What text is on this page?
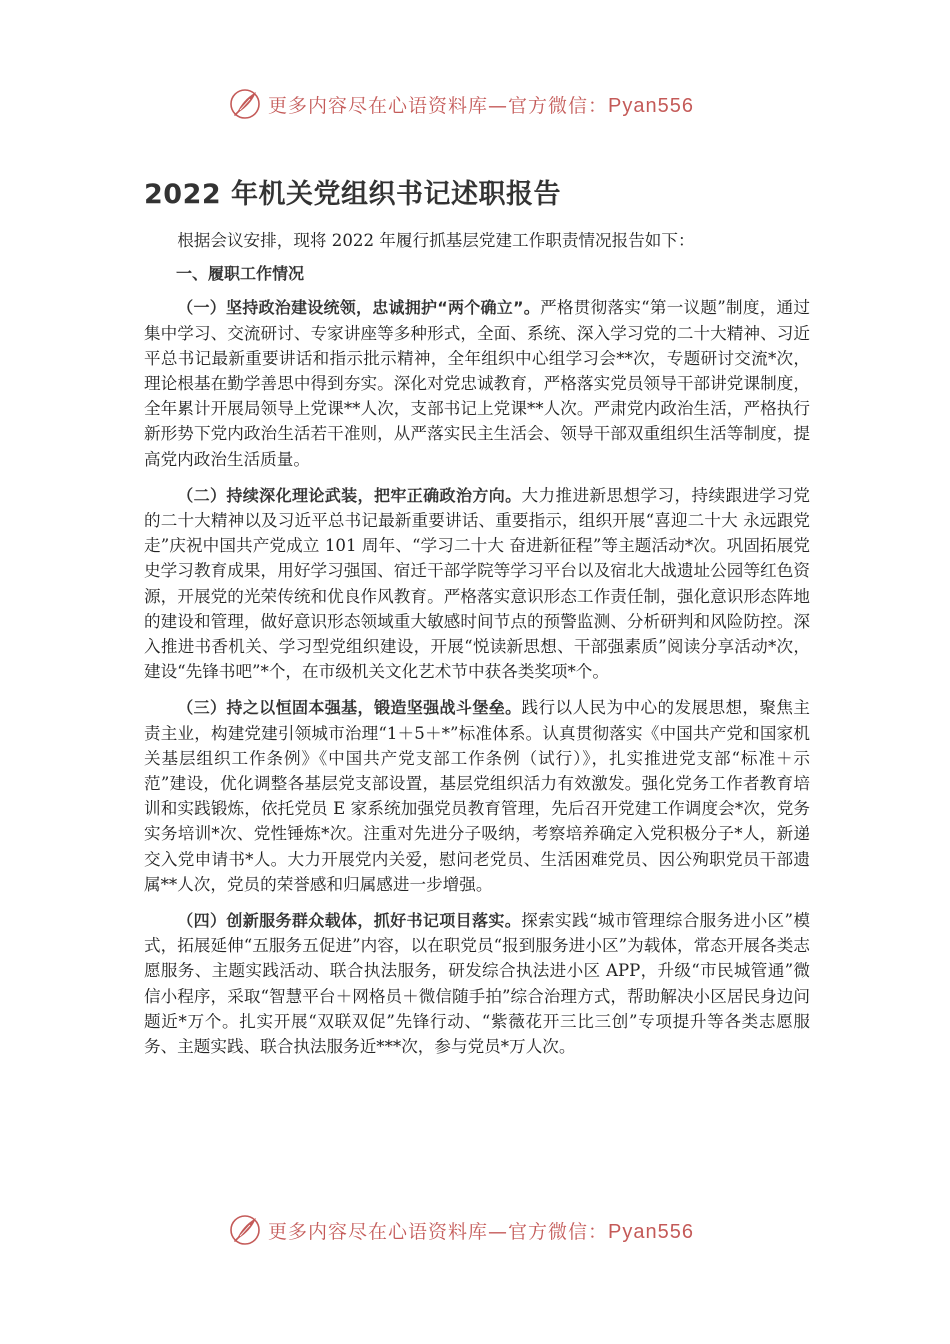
更多内容尽在心语资料库—官方微信：Pyan556
2022 年机关党组织书记述职报告

根据会议安排，现将 2022 年履行抓基层党建工作职责情况报告如下：

一、履职工作情况

（一）坚持政治建设统领，忠诚拥护“两个确立”。严格贯彻落实“第一议题”制度，通过集中学习、交流研讨、专家讲座等多种形式，全面、系统、深入学习党的二十大精神、习近平总书记最新重要讲话和指示批示精神，全年组织中心组学习会**次，专题研讨交流*次，理论根基在勤学善思中得到夯实。深化对党忠诚教育，严格落实党员领导干部讲党课制度，全年累计开展局领导上党课**人次，支部书记上党课**人次。严肃党内政治生活，严格执行新形势下党内政治生活若干准则，从严落实民主生活会、领导干部双重组织生活等制度，提高党内政治生活质量。

（二）持续深化理论武装，把牢正确政治方向。大力推进新思想学习，持续跟进学习党的二十大精神以及习近平总书记最新重要讲话、重要指示，组织开展“喜迎二十大 永远跟党走”庆祝中国共产党成立 101 周年、“学习二十大 奋进新征程”等主题活动*次。巩固拓展党史学习教育成果，用好学习强国、宿迁干部学院等学习平台以及宿北大战遗址公园等红色资源，开展党的光荣传统和优良作风教育。严格落实意识形态工作责任制，强化意识形态阵地的建设和管理，做好意识形态领域重大敏感时间节点的预警监测、分析研判和风险防控。深入推进书香机关、学习型党组织建设，开展“悦读新思想、干部强素质”阅读分享活动*次，建设“先锋书吧”*个，在市级机关文化艺术节中获各类奖项*个。

（三）持之以恒固本强基，锻造坚强战斗堡垒。践行以人民为中心的发展思想，聚焦主责主业，构建党建引领城市治理“1＋5＋*”标准体系。认真贯彻落实《中国共产党和国家机关基层组织工作条例》《中国共产党支部工作条例（试行）》，扎实推进党支部“标准＋示范”建设，优化调整各基层党支部设置，基层党组织活力有效激发。强化党务工作者教育培训和实践锻炼，依托党员 E 家系统加强党员教育管理，先后召开党建工作调度会*次，党务实务培训*次、党性锤炼*次。注重对先进分子吸纳，考察培养确定入党积极分子*人，新递交入党申请书*人。大力开展党内关爱，慰问老党员、生活困难党员、因公殉职党员干部遗属**人次，党员的荣誉感和归属感进一步增强。

（四）创新服务群众载体，抓好书记项目落实。探索实践“城市管理综合服务进小区”模式，拓展延伸“五服务五促进”内容，以在职党员“报到服务进小区”为载体，常态开展各类志愿服务、主题实践活动、联合执法服务，研发综合执法进小区 APP，升级“市民城管通”微信小程序，采取“智慧平台＋网格员＋微信随手拍”综合治理方式，帮助解决小区居民身边问题近*万个。扎实开展“双联双促”先锋行动、“紫薇花开三比三创”专项提升等各类志愿服务、主题实践、联合执法服务近***次，参与党员*万人次。

更多内容尽在心语资料库—官方微信：Pyan556
